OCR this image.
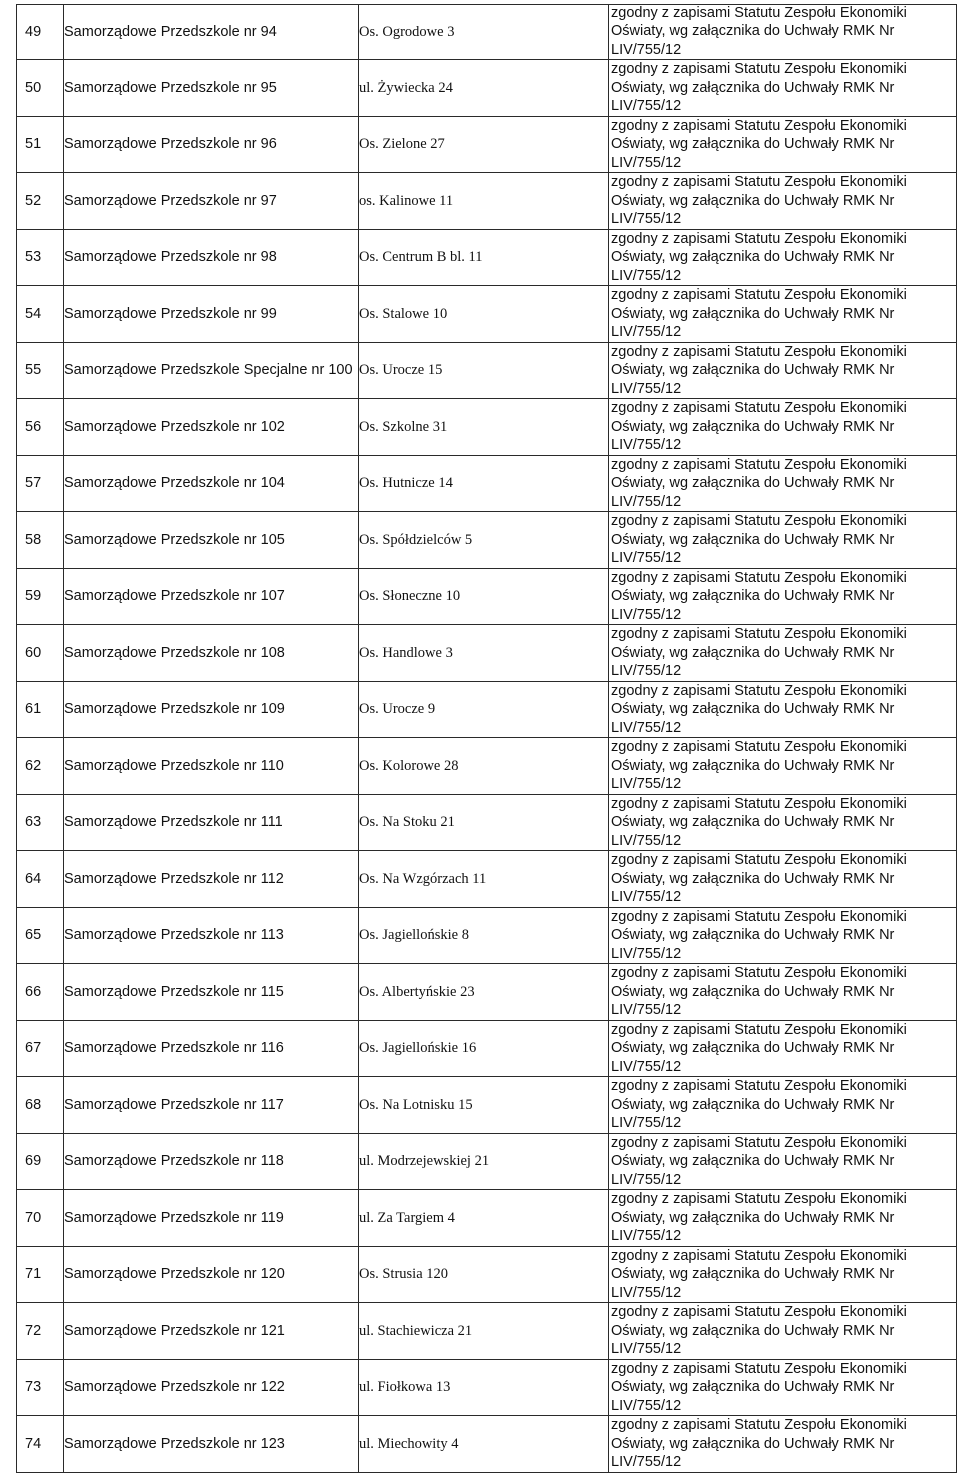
49	Samorządowe Przedszkole nr 94	Os. Ogrodowe 3	zgodny z zapisami Statutu Zespołu Ekonomiki
Oświaty, wg załącznika do Uchwały RMK Nr
LIV/755/12

50	Samorządowe Przedszkole nr 95	ul. Żywiecka 24	zgodny z zapisami Statutu Zespołu Ekonomiki
Oświaty, wg załącznika do Uchwały RMK Nr
LIV/755/12

51	Samorządowe Przedszkole nr 96	Os. Zielone 27	zgodny z zapisami Statutu Zespołu Ekonomiki
Oświaty, wg załącznika do Uchwały RMK Nr
LIV/755/12

52	Samorządowe Przedszkole nr 97	os. Kalinowe 11	zgodny z zapisami Statutu Zespołu Ekonomiki
Oświaty, wg załącznika do Uchwały RMK Nr
LIV/755/12

53	Samorządowe Przedszkole nr 98	Os. Centrum B bl. 11	zgodny z zapisami Statutu Zespołu Ekonomiki
Oświaty, wg załącznika do Uchwały RMK Nr
LIV/755/12

54	Samorządowe Przedszkole nr 99	Os. Stalowe 10	zgodny z zapisami Statutu Zespołu Ekonomiki
Oświaty, wg załącznika do Uchwały RMK Nr
LIV/755/12

55	Samorządowe Przedszkole Specjalne nr 100	Os. Urocze 15	zgodny z zapisami Statutu Zespołu Ekonomiki
Oświaty, wg załącznika do Uchwały RMK Nr
LIV/755/12

56	Samorządowe Przedszkole nr 102	Os. Szkolne 31	zgodny z zapisami Statutu Zespołu Ekonomiki
Oświaty, wg załącznika do Uchwały RMK Nr
LIV/755/12

57	Samorządowe Przedszkole nr 104	Os. Hutnicze 14	zgodny z zapisami Statutu Zespołu Ekonomiki
Oświaty, wg załącznika do Uchwały RMK Nr
LIV/755/12

58	Samorządowe Przedszkole nr 105	Os. Spółdzielców 5	zgodny z zapisami Statutu Zespołu Ekonomiki
Oświaty, wg załącznika do Uchwały RMK Nr
LIV/755/12

59	Samorządowe Przedszkole nr 107	Os. Słoneczne 10	zgodny z zapisami Statutu Zespołu Ekonomiki
Oświaty, wg załącznika do Uchwały RMK Nr
LIV/755/12

60	Samorządowe Przedszkole nr 108	Os. Handlowe 3	zgodny z zapisami Statutu Zespołu Ekonomiki
Oświaty, wg załącznika do Uchwały RMK Nr
LIV/755/12

61	Samorządowe Przedszkole nr 109	Os. Urocze 9	zgodny z zapisami Statutu Zespołu Ekonomiki
Oświaty, wg załącznika do Uchwały RMK Nr
LIV/755/12

62	Samorządowe Przedszkole nr 110	Os. Kolorowe 28	zgodny z zapisami Statutu Zespołu Ekonomiki
Oświaty, wg załącznika do Uchwały RMK Nr
LIV/755/12

63	Samorządowe Przedszkole nr 111	Os. Na Stoku 21	zgodny z zapisami Statutu Zespołu Ekonomiki
Oświaty, wg załącznika do Uchwały RMK Nr
LIV/755/12

64	Samorządowe Przedszkole nr 112	Os. Na Wzgórzach 11	zgodny z zapisami Statutu Zespołu Ekonomiki
Oświaty, wg załącznika do Uchwały RMK Nr
LIV/755/12

65	Samorządowe Przedszkole nr 113	Os. Jagiellońskie 8	zgodny z zapisami Statutu Zespołu Ekonomiki
Oświaty, wg załącznika do Uchwały RMK Nr
LIV/755/12

66	Samorządowe Przedszkole nr 115	Os. Albertyńskie 23	zgodny z zapisami Statutu Zespołu Ekonomiki
Oświaty, wg załącznika do Uchwały RMK Nr
LIV/755/12

67	Samorządowe Przedszkole nr 116	Os. Jagiellońskie 16	zgodny z zapisami Statutu Zespołu Ekonomiki
Oświaty, wg załącznika do Uchwały RMK Nr
LIV/755/12

68	Samorządowe Przedszkole nr 117	Os. Na Lotnisku 15	zgodny z zapisami Statutu Zespołu Ekonomiki
Oświaty, wg załącznika do Uchwały RMK Nr
LIV/755/12

69	Samorządowe Przedszkole nr 118	ul. Modrzejewskiej 21	zgodny z zapisami Statutu Zespołu Ekonomiki
Oświaty, wg załącznika do Uchwały RMK Nr
LIV/755/12

70	Samorządowe Przedszkole nr 119	ul. Za Targiem 4	zgodny z zapisami Statutu Zespołu Ekonomiki
Oświaty, wg załącznika do Uchwały RMK Nr
LIV/755/12

71	Samorządowe Przedszkole nr 120	Os. Strusia 120	zgodny z zapisami Statutu Zespołu Ekonomiki
Oświaty, wg załącznika do Uchwały RMK Nr
LIV/755/12

72	Samorządowe Przedszkole nr 121	ul. Stachiewicza 21	zgodny z zapisami Statutu Zespołu Ekonomiki
Oświaty, wg załącznika do Uchwały RMK Nr
LIV/755/12

73	Samorządowe Przedszkole nr 122	ul. Fiołkowa 13	zgodny z zapisami Statutu Zespołu Ekonomiki
Oświaty, wg załącznika do Uchwały RMK Nr
LIV/755/12

74	Samorządowe Przedszkole nr 123	ul. Miechowity 4	zgodny z zapisami Statutu Zespołu Ekonomiki
Oświaty, wg załącznika do Uchwały RMK Nr
LIV/755/12
